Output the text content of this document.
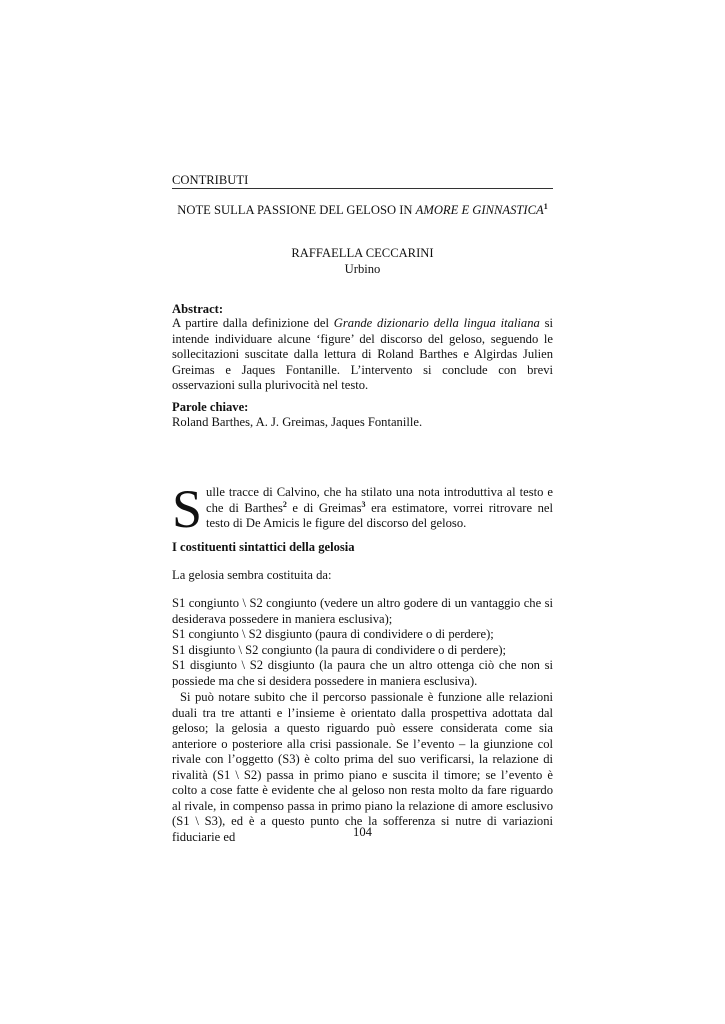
CONTRIBUTI
NOTE SULLA PASSIONE DEL GELOSO IN AMORE E GINNASTICA$^1$
RAFFAELLA CECCARINI
Urbino
Abstract:
A partire dalla definizione del Grande dizionario della lingua italiana si intende individuare alcune ‘figure’ del discorso del geloso, seguendo le sollecitazioni suscitate dalla lettura di Roland Barthes e Algirdas Julien Greimas e Jaques Fontanille. L’intervento si conclude con brevi osservazioni sulla plurivocità nel testo.
Parole chiave:
Roland Barthes, A. J. Greimas, Jaques Fontanille.
Sulle tracce di Calvino, che ha stilato una nota introduttiva al testo e che di Barthes$^2$ e di Greimas$^3$ era estimatore, vorrei ritrovare nel testo di De Amicis le figure del discorso del geloso.
I costituenti sintattici della gelosia
La gelosia sembra costituita da:
S1 congiunto \ S2 congiunto (vedere un altro godere di un vantaggio che si desiderava possedere in maniera esclusiva);
S1 congiunto \ S2 disgiunto (paura di condividere o di perdere);
S1 disgiunto \ S2 congiunto (la paura di condividere o di perdere);
S1 disgiunto \ S2 disgiunto (la paura che un altro ottenga ciò che non si possiede ma che si desidera possedere in maniera esclusiva).
Si può notare subito che il percorso passionale è funzione alle relazioni duali tra tre attanti e l’insieme è orientato dalla prospettiva adottata dal geloso; la gelosia a questo riguardo può essere considerata come sia anteriore o posteriore alla crisi passionale. Se l’evento – la giunzione col rivale con l’oggetto (S3) è colto prima del suo verificarsi, la relazione di rivalità (S1 \ S2) passa in primo piano e suscita il timore; se l’evento è colto a cose fatte è evidente che al geloso non resta molto da fare riguardo al rivale, in compenso passa in primo piano la relazione di amore esclusivo (S1 \ S3), ed è a questo punto che la sofferenza si nutre di variazioni fiduciarie ed	104
